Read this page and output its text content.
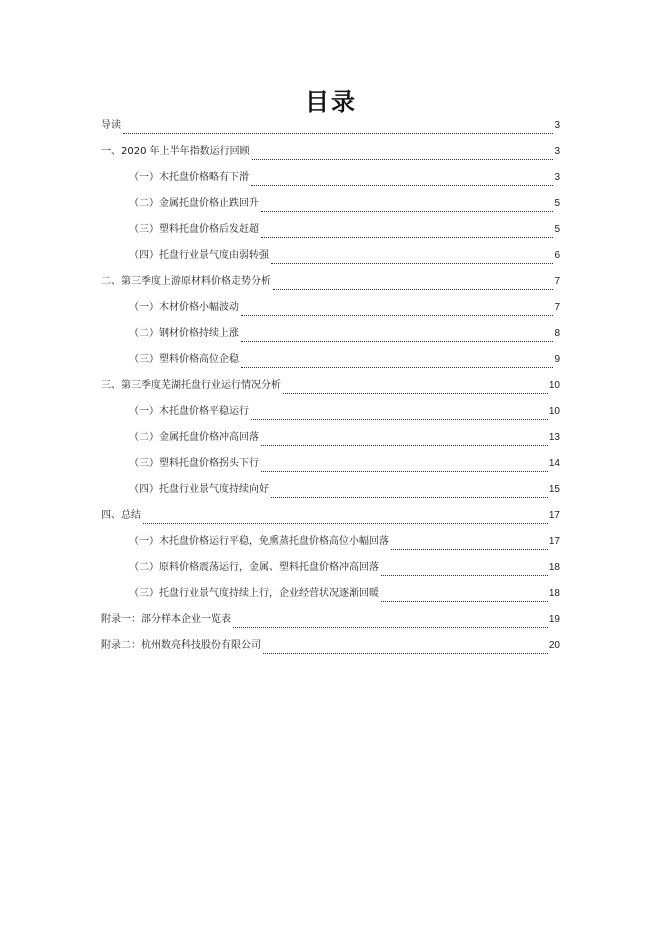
目录
导读	3
一、2020 年上半年指数运行回顾	3
（一）木托盘价格略有下滑	3
（二）金属托盘价格止跌回升	5
（三）塑料托盘价格后发赶超	5
（四）托盘行业景气度由弱转强	6
二、第三季度上游原材料价格走势分析	7
（一）木材价格小幅波动	7
（二）钢材价格持续上涨	8
（三）塑料价格高位企稳	9
三、第三季度芜湖托盘行业运行情况分析	10
（一）木托盘价格平稳运行	10
（二）金属托盘价格冲高回落	13
（三）塑料托盘价格拐头下行	14
（四）托盘行业景气度持续向好	15
四、总结	17
（一）木托盘价格运行平稳，免熏蒸托盘价格高位小幅回落	17
（二）原料价格震荡运行，金属、塑料托盘价格冲高回落	18
（三）托盘行业景气度持续上行，企业经营状况逐渐回暖	18
附录一：部分样本企业一览表	19
附录二：杭州数亮科技股份有限公司	20
